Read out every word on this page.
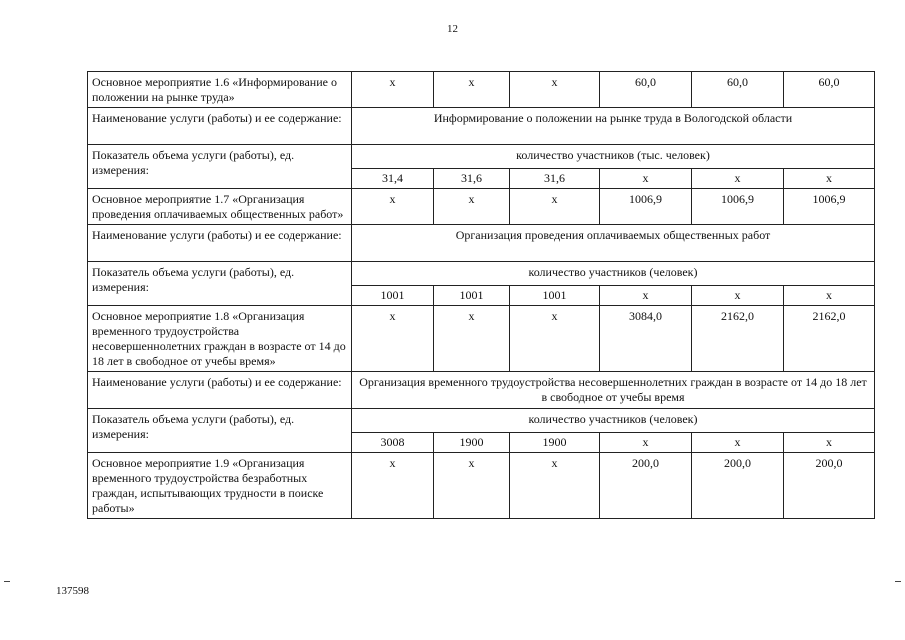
12
Основное мероприятие 1.6 «Информирование о положении на рынке труда»	х	х	х	60,0	60,0	60,0
Наименование услуги (работы) и ее содержание:	Информирование о положении на рынке труда в Вологодской области					
Показатель объема услуги (работы), ед. измерения:	количество участников (тыс. человек)					
	31,4	31,6	31,6	х	х	х
Основное мероприятие 1.7 «Организация проведения оплачиваемых общественных работ»	х	х	х	1006,9	1006,9	1006,9
Наименование услуги (работы) и ее содержание:	Организация проведения оплачиваемых общественных работ					
Показатель объема услуги (работы), ед. измерения:	количество участников (человек)					
	1001	1001	1001	х	х	х
Основное мероприятие 1.8 «Организация временного трудоустройства несовершеннолетних граждан в возрасте от 14 до 18 лет в свободное от учебы время»	х	х	х	3084,0	2162,0	2162,0
Наименование услуги (работы) и ее содержание:	Организация временного трудоустройства несовершеннолетних граждан в возрасте от 14 до 18 лет в свободное от учебы время					
Показатель объема услуги (работы), ед. измерения:	количество участников (человек)					
	3008	1900	1900	х	х	х
Основное мероприятие 1.9 «Организация временного трудоустройства безработных граждан, испытывающих трудности в поиске работы»	х	х	х	200,0	200,0	200,0
137598
